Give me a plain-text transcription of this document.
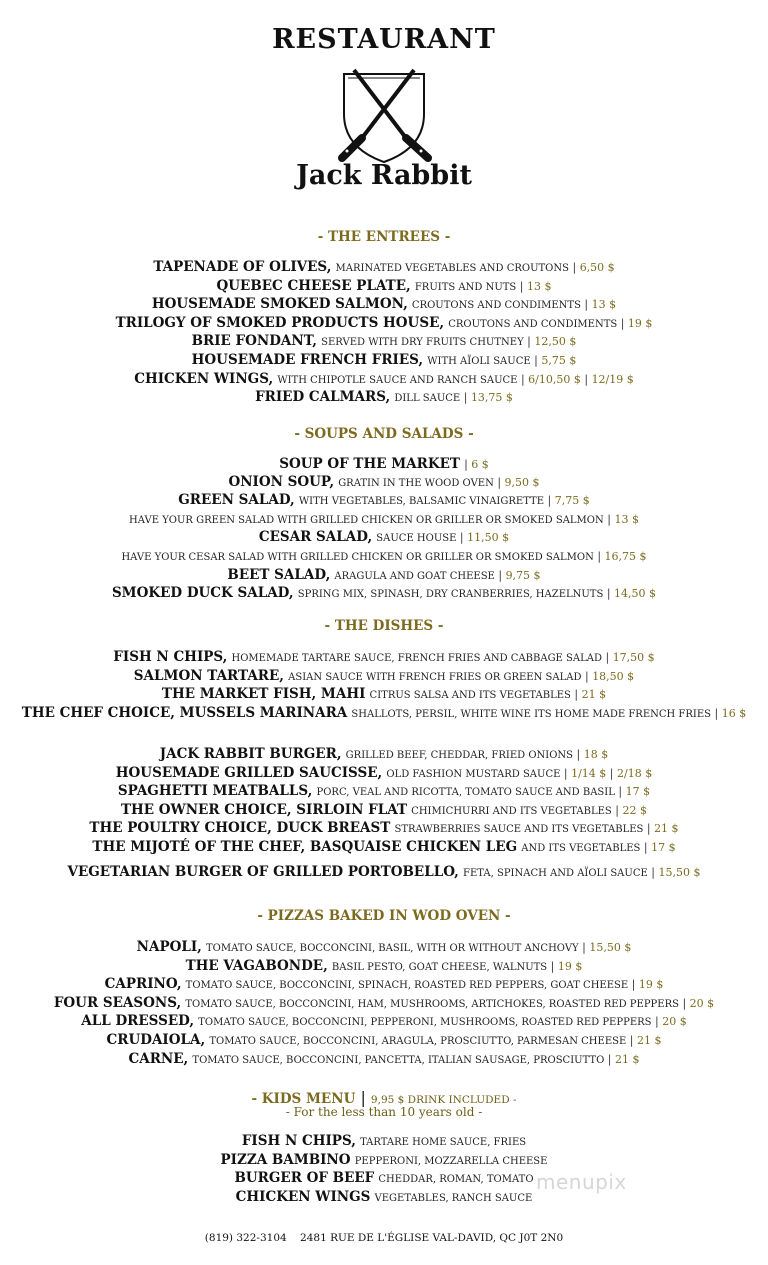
RESTAURANT
Jack Rabbit
- THE ENTREES -
TAPENADE OF OLIVES, MARINATED VEGETABLES AND CROUTONS | 6,50 $
QUEBEC CHEESE PLATE, FRUITS AND NUTS | 13 $
HOUSEMADE SMOKED SALMON, CROUTONS AND CONDIMENTS | 13 $
TRILOGY OF SMOKED PRODUCTS HOUSE, CROUTONS AND CONDIMENTS | 19 $
BRIE FONDANT, SERVED WITH DRY FRUITS CHUTNEY | 12,50 $
HOUSEMADE FRENCH FRIES, WITH AÏOLI SAUCE | 5,75 $
CHICKEN WINGS, WITH CHIPOTLE SAUCE AND RANCH SAUCE | 6/10,50 $ | 12/19 $
FRIED CALMARS, DILL SAUCE | 13,75 $
- SOUPS AND SALADS -
SOUP OF THE MARKET | 6 $
ONION SOUP, GRATIN IN THE WOOD OVEN | 9,50 $
GREEN SALAD, WITH VEGETABLES, BALSAMIC VINAIGRETTE | 7,75 $
HAVE YOUR GREEN SALAD WITH GRILLED CHICKEN OR GRILLER OR SMOKED SALMON | 13 $
CESAR SALAD, SAUCE HOUSE | 11,50 $
HAVE YOUR CESAR SALAD WITH GRILLED CHICKEN OR GRILLER OR SMOKED SALMON | 16,75 $
BEET SALAD, ARAGULA AND GOAT CHEESE | 9,75 $
SMOKED DUCK SALAD, SPRING MIX, SPINASH, DRY CRANBERRIES, HAZELNUTS | 14,50 $
- THE DISHES -
FISH N CHIPS, HOMEMADE TARTARE SAUCE, FRENCH FRIES AND CABBAGE SALAD | 17,50 $
SALMON TARTARE, ASIAN SAUCE WITH FRENCH FRIES OR GREEN SALAD | 18,50 $
THE MARKET FISH, MAHI CITRUS SALSA AND ITS VEGETABLES | 21 $
THE CHEF CHOICE, MUSSELS MARINARA SHALLOTS, PERSIL, WHITE WINE ITS HOME MADE FRENCH FRIES | 16 $
JACK RABBIT BURGER, GRILLED BEEF, CHEDDAR, FRIED ONIONS | 18 $
HOUSEMADE GRILLED SAUCISSE, OLD FASHION MUSTARD SAUCE | 1/14 $ | 2/18 $
SPAGHETTI MEATBALLS, PORC, VEAL AND RICOTTA, TOMATO SAUCE AND BASIL | 17 $
THE OWNER CHOICE, SIRLOIN FLAT CHIMICHURRI AND ITS VEGETABLES | 22 $
THE POULTRY CHOICE, DUCK BREAST STRAWBERRIES SAUCE AND ITS VEGETABLES | 21 $
THE MIJOTÉ OF THE CHEF, BASQUAISE CHICKEN LEG AND ITS VEGETABLES | 17 $
VEGETARIAN BURGER OF GRILLED PORTOBELLO, FETA, SPINACH AND AÏOLI SAUCE | 15,50 $
- PIZZAS BAKED IN WOD OVEN -
NAPOLI, TOMATO SAUCE, BOCCONCINI, BASIL, WITH OR WITHOUT ANCHOVY | 15,50 $
THE VAGABONDE, BASIL PESTO, GOAT CHEESE, WALNUTS | 19 $
CAPRINO, TOMATO SAUCE, BOCCONCINI, SPINACH, ROASTED RED PEPPERS, GOAT CHEESE | 19 $
FOUR SEASONS, TOMATO SAUCE, BOCCONCINI, HAM, MUSHROOMS, ARTICHOKES, ROASTED RED PEPPERS | 20 $
ALL DRESSED, TOMATO SAUCE, BOCCONCINI, PEPPERONI, MUSHROOMS, ROASTED RED PEPPERS | 20 $
CRUDAIOLA, TOMATO SAUCE, BOCCONCINI, ARAGULA, PROSCIUTTO, PARMESAN CHEESE | 21 $
CARNE, TOMATO SAUCE, BOCCONCINI, PANCETTA, ITALIAN SAUSAGE, PROSCIUTTO | 21 $
- KIDS MENU | 9,95 $ DRINK INCLUDED -
- For the less than 10 years old -
FISH N CHIPS, TARTARE HOME SAUCE, FRIES
PIZZA BAMBINO PEPPERONI, MOZZARELLA CHEESE
BURGER OF BEEF CHEDDAR, ROMAN, TOMATO
CHICKEN WINGS VEGETABLES, RANCH SAUCE
(819) 322-3104 2481 RUE DE L'ÉGLISE VAL-DAVID, QC J0T 2N0
menupix
